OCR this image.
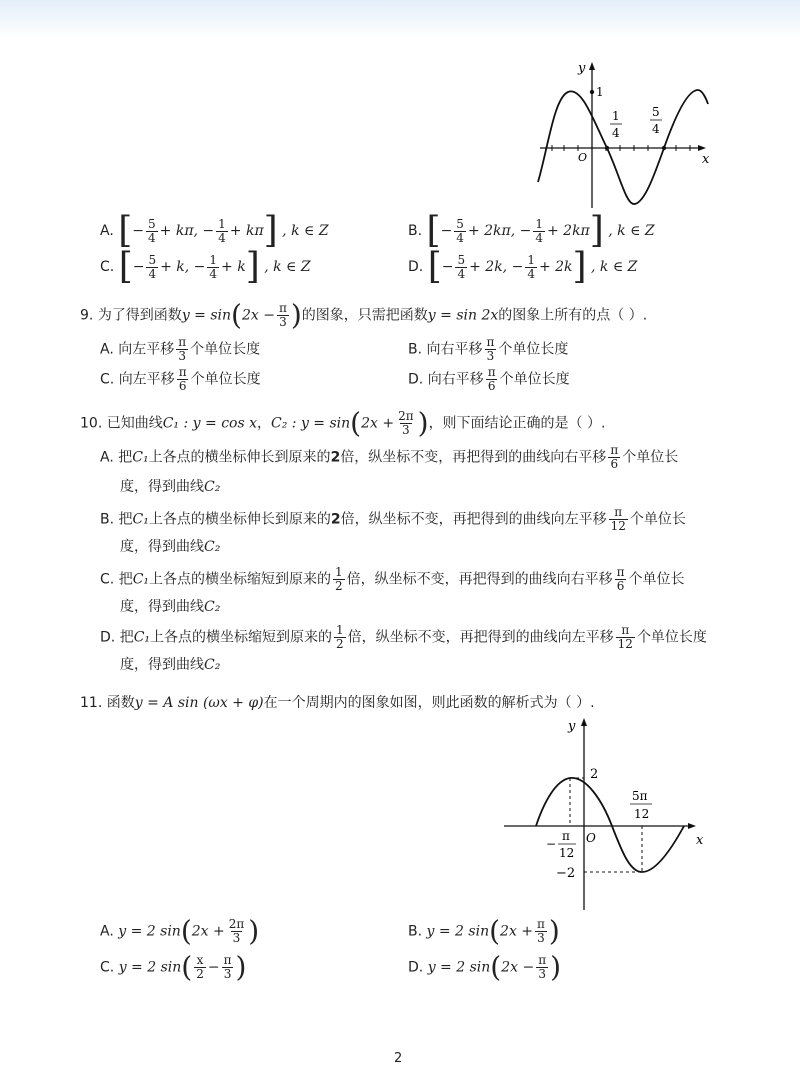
y
x
O
1
1
4
5
4
A. [− $\frac{5}{4} + k\pi$, − $\frac{1}{4} + k\pi$] , k ∈ Z	B. [− $\frac{5}{4} + 2k\pi$, − $\frac{1}{4} + 2k\pi$] , k ∈ Z
C. [− $\frac{5}{4} + k$, − $\frac{1}{4} + k$] , k ∈ Z	D. [− $\frac{5}{4} + 2k$, − $\frac{1}{4} + 2k$] , k ∈ Z
9. 为了得到函数$y = \sin(2x - \frac{\pi}{3}$ )的图象，只需把函数y = sin 2x的图象上所有的点（ ）.
A. 向左平移 $\frac{\pi}{3}$ 个单位长度	B. 向右平移 $\frac{\pi}{3}$ 个单位长度
C. 向左平移 $\frac{\pi}{6}$ 个单位长度	D. 向右平移 $\frac{\pi}{6}$ 个单位长度
10. 已知曲线C₁ : y = cos x，C₂ : $y = \sin(2x + \frac{2\pi}{3}$ )，则下面结论正确的是（ ）.
A. 把C₁上各点的横坐标伸长到原来的2倍，纵坐标不变，再把得到的曲线向右平移 $\frac{\pi}{6}$ 个单位长
度，得到曲线C₂
B. 把C₁上各点的横坐标伸长到原来的2倍，纵坐标不变，再把得到的曲线向左平移 $\frac{\pi}{12}$ 个单位长
度，得到曲线C₂
C. 把C₁上各点的横坐标缩短到原来的 $\frac{1}{2}$ 倍，纵坐标不变，再把得到的曲线向右平移 $\frac{\pi}{6}$ 个单位长
度，得到曲线C₂
D. 把C₁上各点的横坐标缩短到原来的 $\frac{1}{2}$ 倍，纵坐标不变，再把得到的曲线向左平移 $\frac{\pi}{12}$ 个单位长度
度，得到曲线C₂
11. 函数y = A sin (ωx + φ)在一个周期内的图象如图，则此函数的解析式为（ ）.
y
x
O
2
−2
−
π
12
5π
12
A. y = 2 $\sin(2x + \frac{2\pi}{3}$ )	B. y = 2 $\sin(2x + \frac{\pi}{3}$ )
C. y = 2 $\sin( \frac{x}{2} - \frac{\pi}{3}$ )	D. y = 2 $\sin(2x - \frac{\pi}{3}$ )
2
